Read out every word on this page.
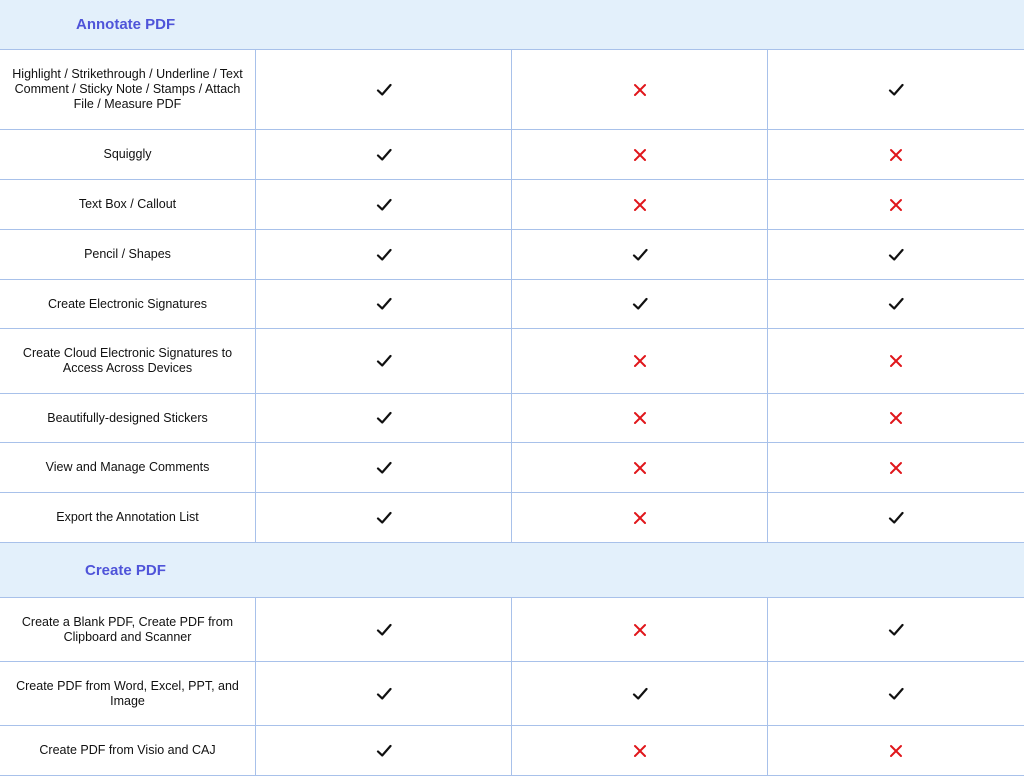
Annotate PDF
Highlight / Strikethrough / Underline / Text Comment / Sticky Note / Stamps / Attach File / Measure PDF
Squiggly
Text Box / Callout
Pencil / Shapes
Create Electronic Signatures
Create Cloud Electronic Signatures to Access Across Devices
Beautifully-designed Stickers
View and Manage Comments
Export the Annotation List
Create PDF
Create a Blank PDF, Create PDF from Clipboard and Scanner
Create PDF from Word, Excel, PPT, and Image
Create PDF from Visio and CAJ
